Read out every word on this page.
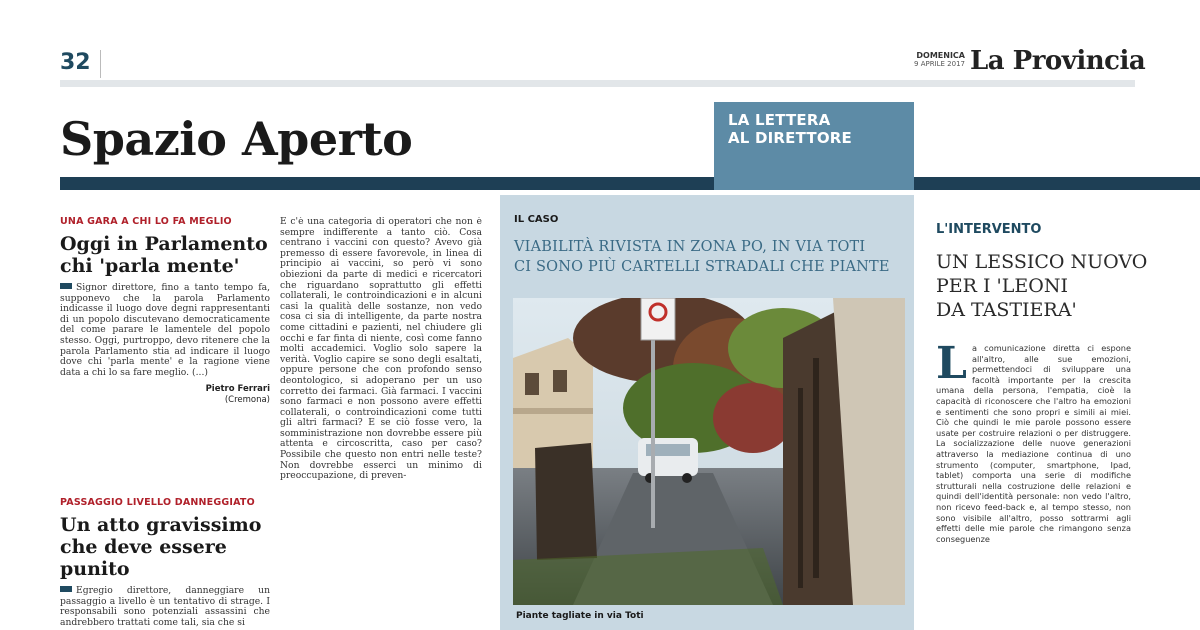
32	DOMENICA
9 APRILE 2017 La Provincia
Spazio Aperto	LA LETTERA
AL DIRETTORE
UNA GARA A CHI LO FA MEGLIO
Oggi in Parlamento
chi 'parla mente'
Signor direttore, fino a tanto tempo fa, supponevo che la parola Parlamento indicasse il luogo dove degni rappresentanti di un popolo discutevano democraticamente del come parare le lamentele del popolo stesso. Oggi, purtroppo, devo ritenere che la parola Parlamento stia ad indicare il luogo dove chi 'parla mente' e la ragione viene data a chi lo sa fare meglio. (...)
Pietro Ferrari
(Cremona)
PASSAGGIO LIVELLO DANNEGGIATO
Un atto gravissimo
che deve essere punito
Egregio direttore, danneggiare un passaggio a livello è un tentativo di strage. I responsabili sono potenziali assassini che andrebbero trattati come tali, sia che si
E c'è una categoria di operatori che non è sempre indifferente a tanto ciò. Cosa centrano i vaccini con questo? Avevo già premesso di essere favorevole, in linea di principio ai vaccini, so però vi sono obiezioni da parte di medici e ricercatori che riguardano soprattutto gli effetti collaterali, le controindicazioni e in alcuni casi la qualità delle sostanze, non vedo cosa ci sia di intelligente, da parte nostra come cittadini e pazienti, nel chiudere gli occhi e far finta di niente, così come fanno molti accademici. Voglio solo sapere la verità. Voglio capire se sono degli esaltati, oppure persone che con profondo senso deontologico, si adoperano per un uso corretto dei farmaci. Già farmaci. I vaccini sono farmaci e non possono avere effetti collaterali, o controindicazioni come tutti gli altri farmaci? E se ciò fosse vero, la somministrazione non dovrebbe essere più attenta e circoscritta, caso per caso? Possibile che questo non entri nelle teste? Non dovrebbe esserci un minimo di preoccupazione, di preven-
IL CASO
VIABILITÀ RIVISTA IN ZONA PO, IN VIA TOTI
CI SONO PIÙ CARTELLI STRADALI CHE PIANTE
Piante tagliate in via Toti
L'INTERVENTO
UN LESSICO NUOVO
PER I 'LEONI
DA TASTIERA'
La comunicazione diretta ci espone all'altro, alle sue emozioni, permettendoci di sviluppare una facoltà importante per la crescita umana della persona, l'empatia, cioè la capacità di riconoscere che l'altro ha emozioni e sentimenti che sono propri e simili ai miei. Ciò che quindi le mie parole possono essere usate per costruire relazioni o per distruggere. La socializzazione delle nuove generazioni attraverso la mediazione continua di uno strumento (computer, smartphone, Ipad, tablet) comporta una serie di modifiche strutturali nella costruzione delle relazioni e quindi dell'identità personale: non vedo l'altro, non ricevo feed-back e, al tempo stesso, non sono visibile all'altro, posso sottrarmi agli effetti delle mie parole che rimangono senza conseguenze
